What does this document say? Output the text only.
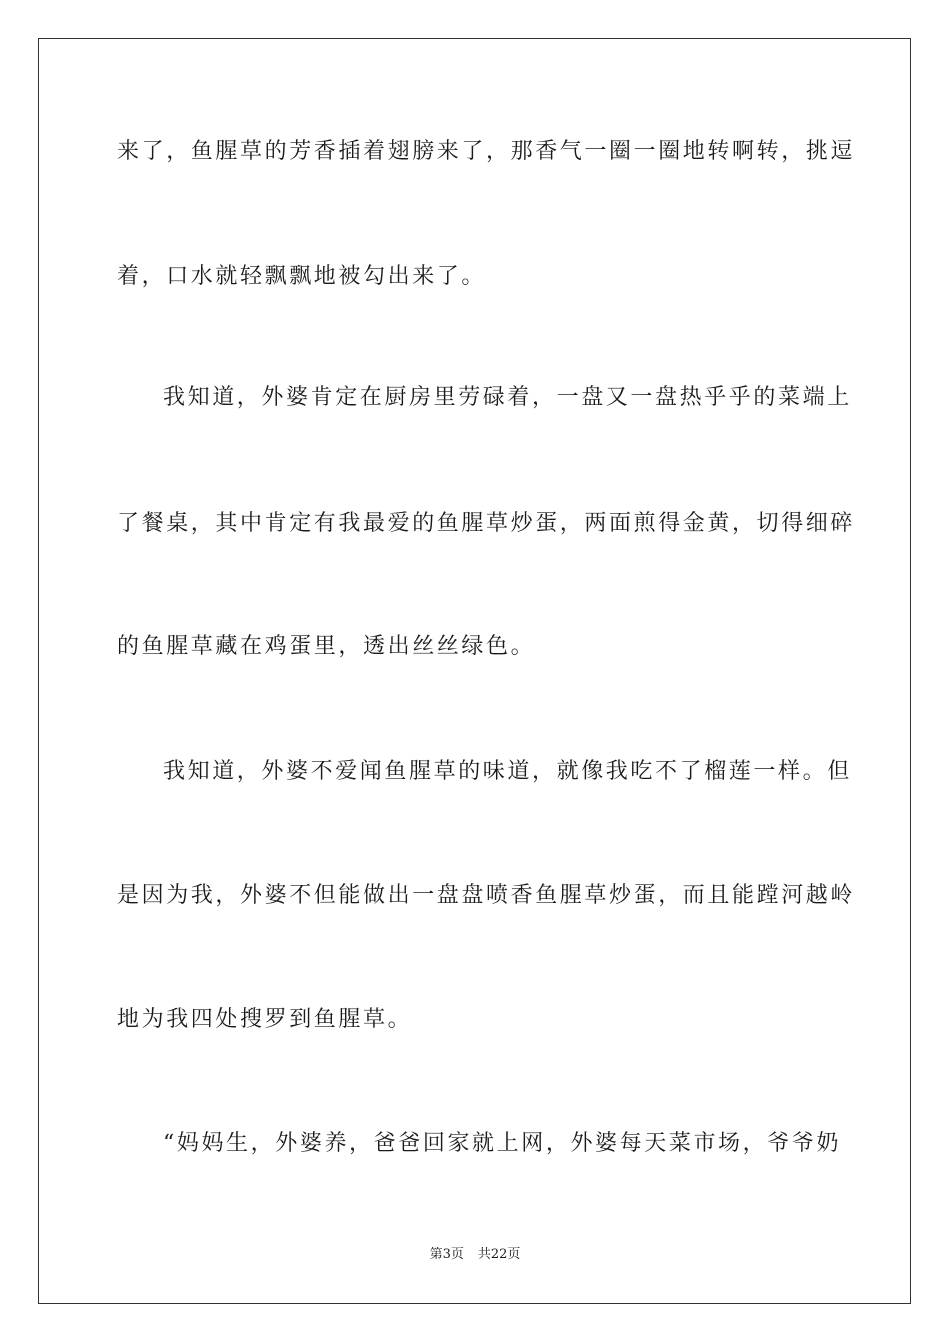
来了，鱼腥草的芳香插着翅膀来了，那香气一圈一圈地转啊转，挑逗
着，口水就轻飘飘地被勾出来了。
我知道，外婆肯定在厨房里劳碌着，一盘又一盘热乎乎的菜端上
了餐桌，其中肯定有我最爱的鱼腥草炒蛋，两面煎得金黄，切得细碎
的鱼腥草藏在鸡蛋里，透出丝丝绿色。
我知道，外婆不爱闻鱼腥草的味道，就像我吃不了榴莲一样。但
是因为我，外婆不但能做出一盘盘喷香鱼腥草炒蛋，而且能蹚河越岭
地为我四处搜罗到鱼腥草。
“妈妈生，外婆养，爸爸回家就上网，外婆每天菜市场，爷爷奶
第3页 共22页
